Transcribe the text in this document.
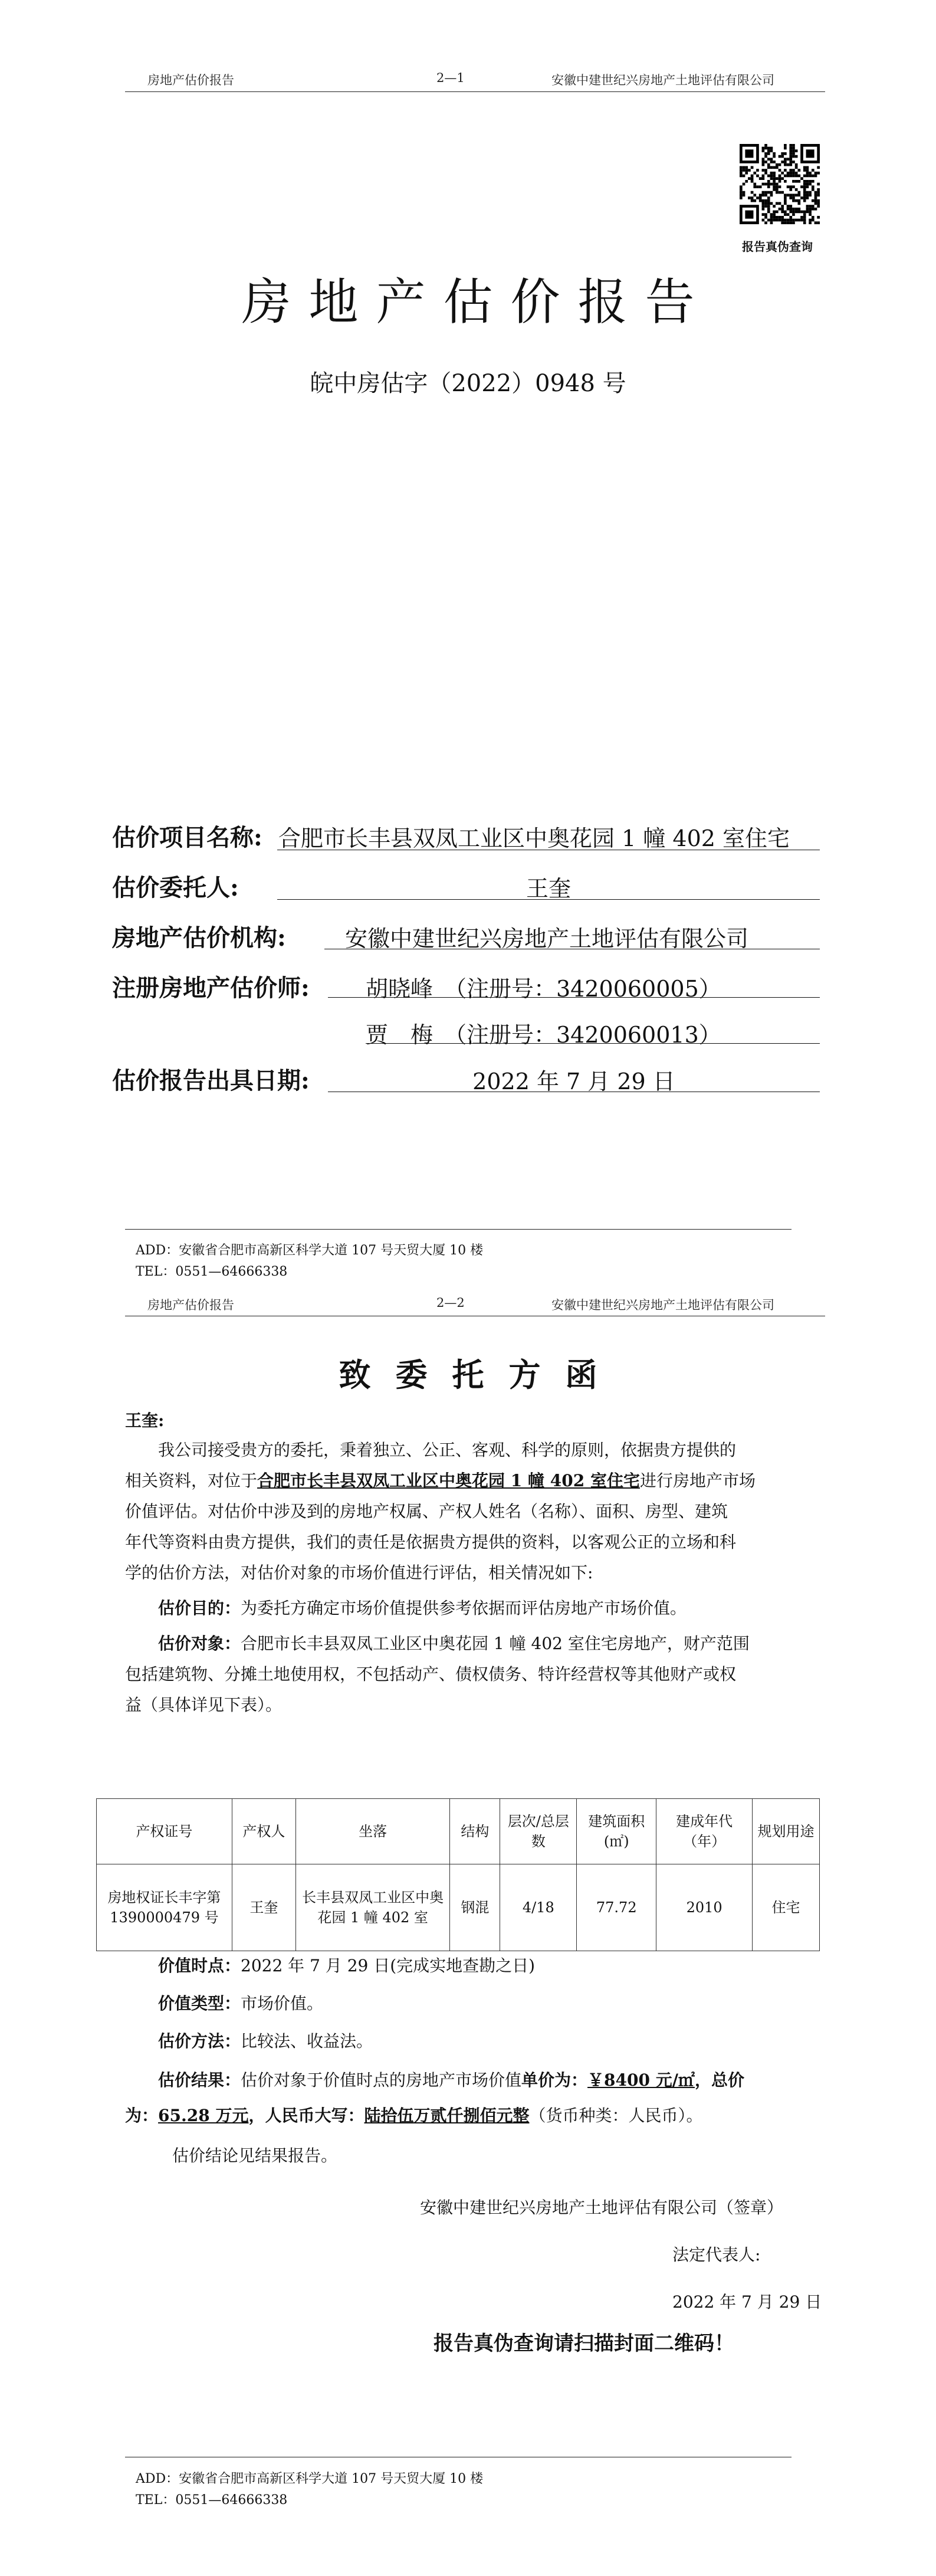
房地产估价报告	2—1	安徽中建世纪兴房地产土地评估有限公司
报告真伪查询
房地产估价报告
皖中房估字（2022）0948 号
估价项目名称: 合肥市长丰县双凤工业区中奥花园 1 幢 402 室住宅
估价委托人:	王奎
房地产估价机构:	安徽中建世纪兴房地产土地评估有限公司
注册房地产估价师:	胡晓峰　（注册号：3420060005）
贾　梅　（注册号：3420060013）
估价报告出具日期:	2022 年 7 月 29 日
ADD：安徽省合肥市高新区科学大道 107 号天贸大厦 10 楼
TEL：0551—64666338
房地产估价报告	2—2	安徽中建世纪兴房地产土地评估有限公司
致委托方函
王奎:
我公司接受贵方的委托，秉着独立、公正、客观、科学的原则，依据贵方提供的
相关资料，对位于合肥市长丰县双凤工业区中奥花园 1 幢 402 室住宅进行房地产市场
价值评估。对估价中涉及到的房地产权属、产权人姓名（名称）、面积、房型、建筑
年代等资料由贵方提供，我们的责任是依据贵方提供的资料，以客观公正的立场和科
学的估价方法，对估价对象的市场价值进行评估，相关情况如下:
估价目的：为委托方确定市场价值提供参考依据而评估房地产市场价值。
估价对象：合肥市长丰县双凤工业区中奥花园 1 幢 402 室住宅房地产，财产范围
包括建筑物、分摊土地使用权，不包括动产、债权债务、特许经营权等其他财产或权
益（具体详见下表）。
产权证号	产权人	坐落	结构	层次/总层数	建筑面积(㎡)	建成年代（年）	规划用途
房地权证长丰字第 1390000479 号	王奎	长丰县双凤工业区中奥花园 1 幢 402 室	钢混	4/18	77.72	2010	住宅
价值时点：2022 年 7 月 29 日(完成实地查勘之日)
价值类型：市场价值。
估价方法：比较法、收益法。
估价结果：估价对象于价值时点的房地产市场价值单价为：￥8400 元/㎡，总价
为：65.28 万元，人民币大写：陆拾伍万贰仟捌佰元整（货币种类：人民币）。
估价结论见结果报告。
安徽中建世纪兴房地产土地评估有限公司（签章）
法定代表人:
2022 年 7 月 29 日
报告真伪查询请扫描封面二维码！
ADD：安徽省合肥市高新区科学大道 107 号天贸大厦 10 楼
TEL：0551—64666338
